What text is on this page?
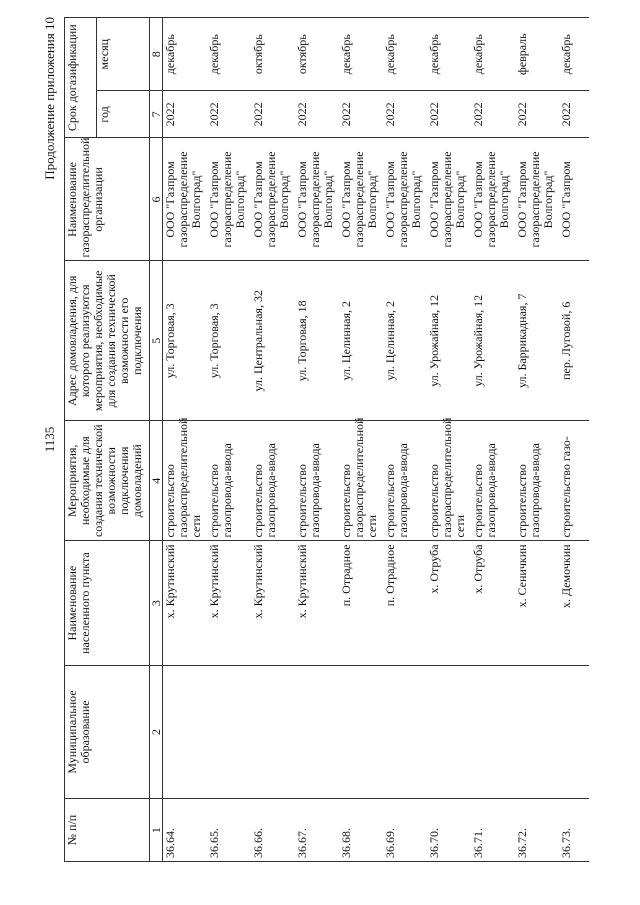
1135
Продолжение приложения 10
№ п/п	Муниципальное образование	Наименование населенного пункта	Мероприятия, необходимые для создания технической возможности подключения домовладений	Адрес домовладения, для которого реализуются мероприятия, необходимые для создания технической возможности его подключения	Наименование газораспределительной организации	Срок догазификации	
						год	месяц
1	2	3	4	5	6	7	8
36.64.		х. Крутинский	строительство газораспределительной сети	ул. Торговая, 3	ООО "Газпром газораспределение Волгоград"	2022	декабрь
36.65.		х. Крутинский	строительство газопровода-ввода	ул. Торговая, 3	ООО "Газпром газораспределение Волгоград"	2022	декабрь
36.66.		х. Крутинский	строительство газопровода-ввода	ул. Центральная, 32	ООО "Газпром газораспределение Волгоград"	2022	октябрь
36.67.		х. Крутинский	строительство газопровода-ввода	ул. Торговая, 18	ООО "Газпром газораспределение Волгоград"	2022	октябрь
36.68.		п. Отрадное	строительство газораспределительной сети	ул. Целинная, 2	ООО "Газпром газораспределение Волгоград"	2022	декабрь
36.69.		п. Отрадное	строительство газопровода-ввода	ул. Целинная, 2	ООО "Газпром газораспределение Волгоград"	2022	декабрь
36.70.		х. Отруба	строительство газораспределительной сети	ул. Урожайная, 12	ООО "Газпром газораспределение Волгоград"	2022	декабрь
36.71.		х. Отруба	строительство газопровода-ввода	ул. Урожайная, 12	ООО "Газпром газораспределение Волгоград"	2022	декабрь
36.72.		х. Сеничкин	строительство газопровода-ввода	ул. Баррикадная, 7	ООО "Газпром газораспределение Волгоград"	2022	февраль
36.73.		х. Демочкин	строительство газо-	пер. Луговой, 6	ООО "Газпром	2022	декабрь
